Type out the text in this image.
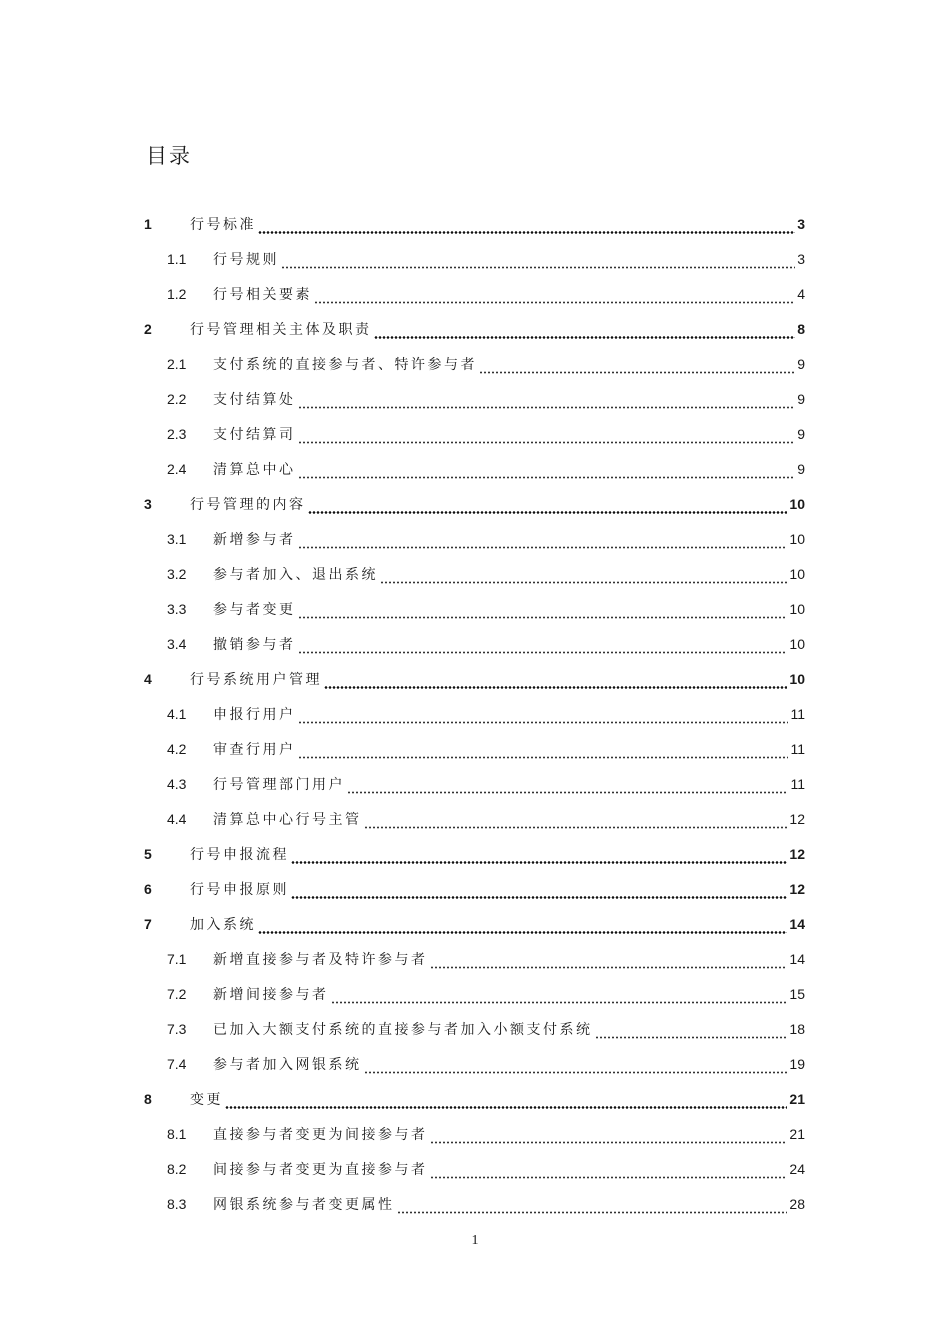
目录
1	行号标准	3
1.1 行号规则	3
1.2 行号相关要素	4
2	行号管理相关主体及职责	8
2.1 支付系统的直接参与者、特许参与者	9
2.2 支付结算处	9
2.3 支付结算司	9
2.4 清算总中心	9
3	行号管理的内容	10
3.1 新增参与者	10
3.2 参与者加入、退出系统	10
3.3 参与者变更	10
3.4 撤销参与者	10
4	行号系统用户管理	10
4.1 申报行用户	11
4.2 审查行用户	11
4.3 行号管理部门用户	11
4.4 清算总中心行号主管	12
5	行号申报流程	12
6	行号申报原则	12
7	加入系统	14
7.1 新增直接参与者及特许参与者	14
7.2 新增间接参与者	15
7.3 已加入大额支付系统的直接参与者加入小额支付系统	18
7.4 参与者加入网银系统	19
8	变更	21
8.1 直接参与者变更为间接参与者	21
8.2 间接参与者变更为直接参与者	24
8.3 网银系统参与者变更属性	28
1
